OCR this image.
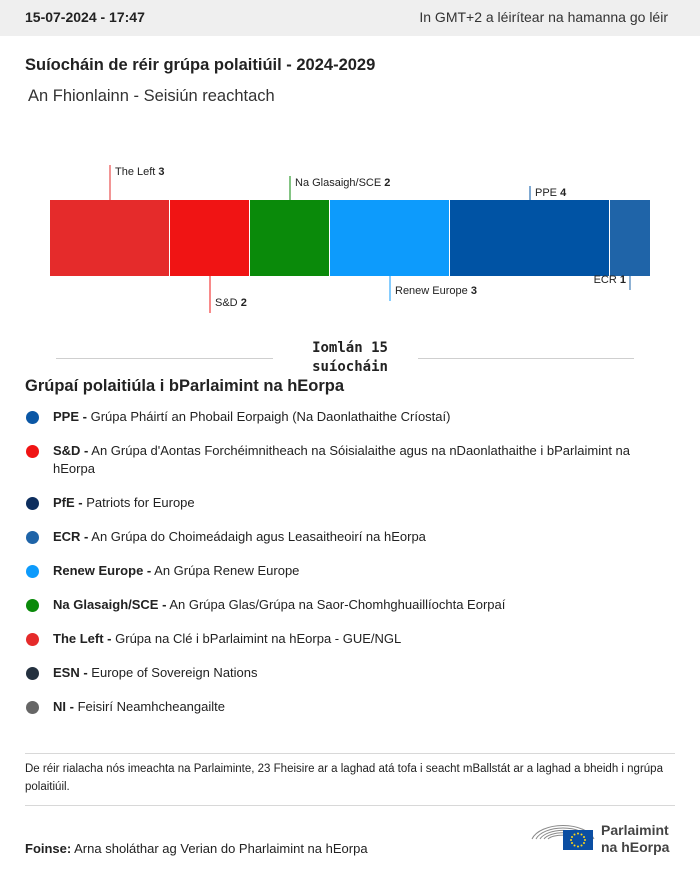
15-07-2024 - 17:47	In GMT+2 a léirítear na hamanna go léir
Suíocháin de réir grúpa polaitiúil - 2024-2029
An Fhionlainn - Seisiún reachtach
The Left 3
S&D 2
Na Glasaigh/SCE 2
Renew Europe 3
PPE 4
ECR 1
Iomlán 15 suíocháin
Grúpaí polaitiúla i bParlaimint na hEorpa
PPE - Grúpa Pháirtí an Phobail Eorpaigh (Na Daonlathaithe Críostaí)
S&D - An Grúpa d'Aontas Forchéimnitheach na Sóisialaithe agus na nDaonlathaithe i bParlaimint na hEorpa
PfE - Patriots for Europe
ECR - An Grúpa do Choimeádaigh agus Leasaitheoirí na hEorpa
Renew Europe - An Grúpa Renew Europe
Na Glasaigh/SCE - An Grúpa Glas/Grúpa na Saor-Chomhghuaillíochta Eorpaí
The Left - Grúpa na Clé i bParlaimint na hEorpa - GUE/NGL
ESN - Europe of Sovereign Nations
NI - Feisirí Neamhcheangailte
De réir rialacha nós imeachta na Parlaiminte, 23 Fheisire ar a laghad atá tofa i seacht mBallstát ar a laghad a bheidh i ngrúpa polaitiúil.
Foinse: Arna sholáthar ag Verian do Pharlaimint na hEorpa
Parlaimint
na hEorpa
